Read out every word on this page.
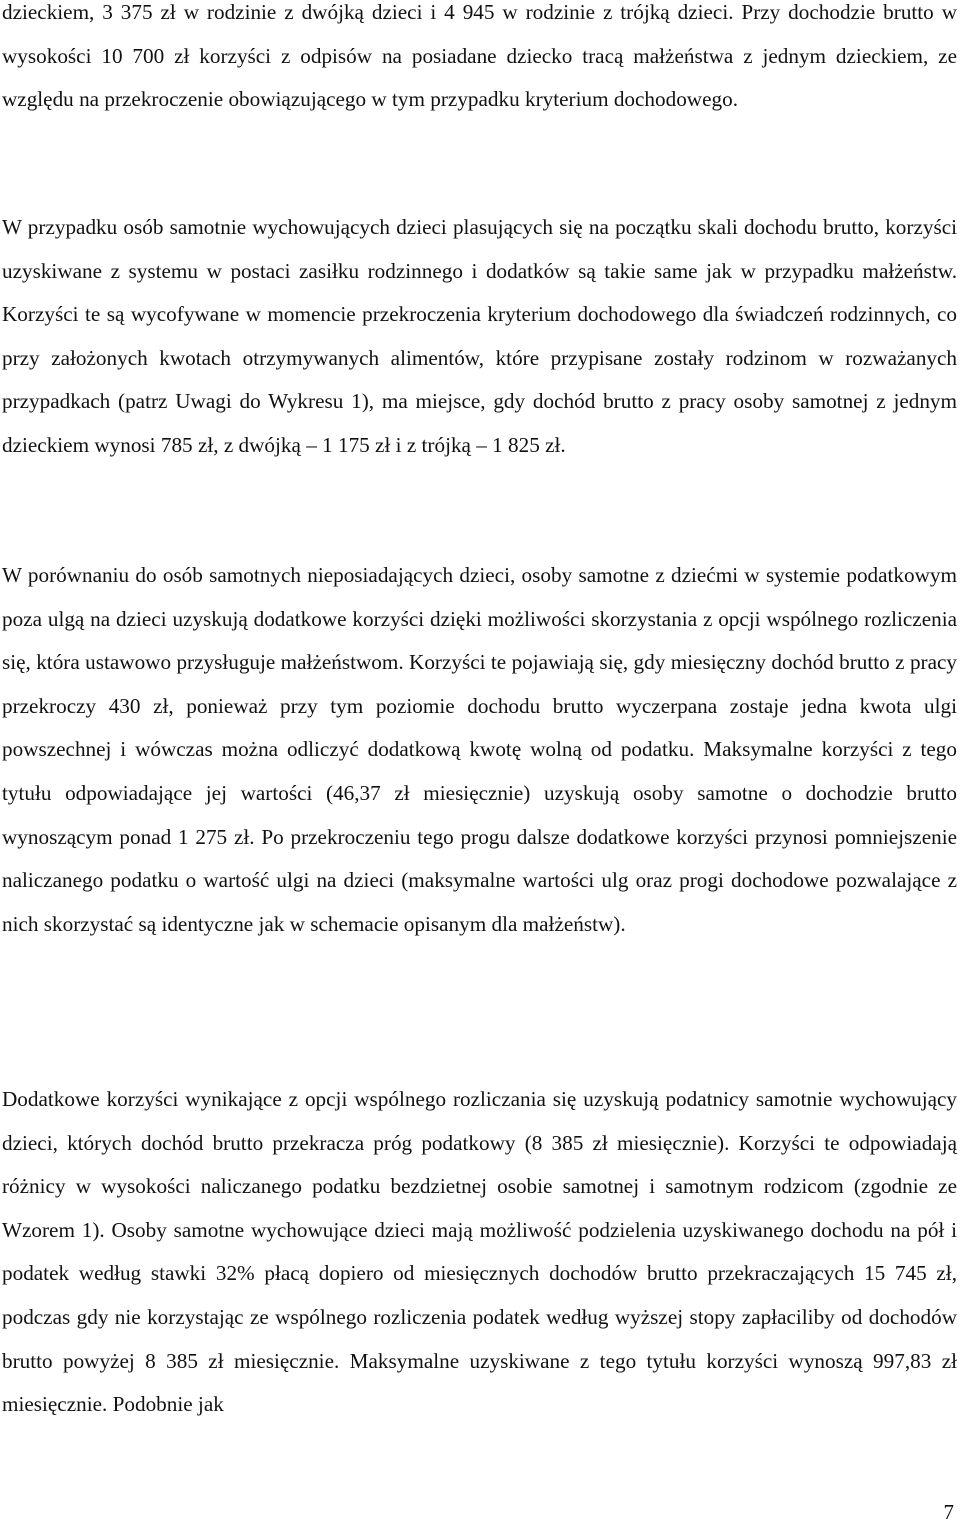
dzieckiem, 3 375 zł w rodzinie z dwójką dzieci i 4 945 w rodzinie z trójką dzieci. Przy dochodzie brutto w wysokości 10 700 zł korzyści z odpisów na posiadane dziecko tracą małżeństwa z jednym dzieckiem, ze względu na przekroczenie obowiązującego w tym przypadku kryterium dochodowego.

W przypadku osób samotnie wychowujących dzieci plasujących się na początku skali dochodu brutto, korzyści uzyskiwane z systemu w postaci zasiłku rodzinnego i dodatków są takie same jak w przypadku małżeństw. Korzyści te są wycofywane w momencie przekroczenia kryterium dochodowego dla świadczeń rodzinnych, co przy założonych kwotach otrzymywanych alimentów, które przypisane zostały rodzinom w rozważanych przypadkach (patrz Uwagi do Wykresu 1), ma miejsce, gdy dochód brutto z pracy osoby samotnej z jednym dzieckiem wynosi 785 zł, z dwójką – 1 175 zł i z trójką – 1 825 zł.

W porównaniu do osób samotnych nieposiadających dzieci, osoby samotne z dziećmi w systemie podatkowym poza ulgą na dzieci uzyskują dodatkowe korzyści dzięki możliwości skorzystania z opcji wspólnego rozliczenia się, która ustawowo przysługuje małżeństwom. Korzyści te pojawiają się, gdy miesięczny dochód brutto z pracy przekroczy 430 zł, ponieważ przy tym poziomie dochodu brutto wyczerpana zostaje jedna kwota ulgi powszechnej i wówczas można odliczyć dodatkową kwotę wolną od podatku. Maksymalne korzyści z tego tytułu odpowiadające jej wartości (46,37 zł miesięcznie) uzyskują osoby samotne o dochodzie brutto wynoszącym ponad 1 275 zł. Po przekroczeniu tego progu dalsze dodatkowe korzyści przynosi pomniejszenie naliczanego podatku o wartość ulgi na dzieci (maksymalne wartości ulg oraz progi dochodowe pozwalające z nich skorzystać są identyczne jak w schemacie opisanym dla małżeństw).

Dodatkowe korzyści wynikające z opcji wspólnego rozliczania się uzyskują podatnicy samotnie wychowujący dzieci, których dochód brutto przekracza próg podatkowy (8 385 zł miesięcznie). Korzyści te odpowiadają różnicy w wysokości naliczanego podatku bezdzietnej osobie samotnej i samotnym rodzicom (zgodnie ze Wzorem 1). Osoby samotne wychowujące dzieci mają możliwość podzielenia uzyskiwanego dochodu na pół i podatek według stawki 32% płacą dopiero od miesięcznych dochodów brutto przekraczających 15 745 zł, podczas gdy nie korzystając ze wspólnego rozliczenia podatek według wyższej stopy zapłaciliby od dochodów brutto powyżej 8 385 zł miesięcznie. Maksymalne uzyskiwane z tego tytułu korzyści wynoszą 997,83 zł miesięcznie. Podobnie jak

7
